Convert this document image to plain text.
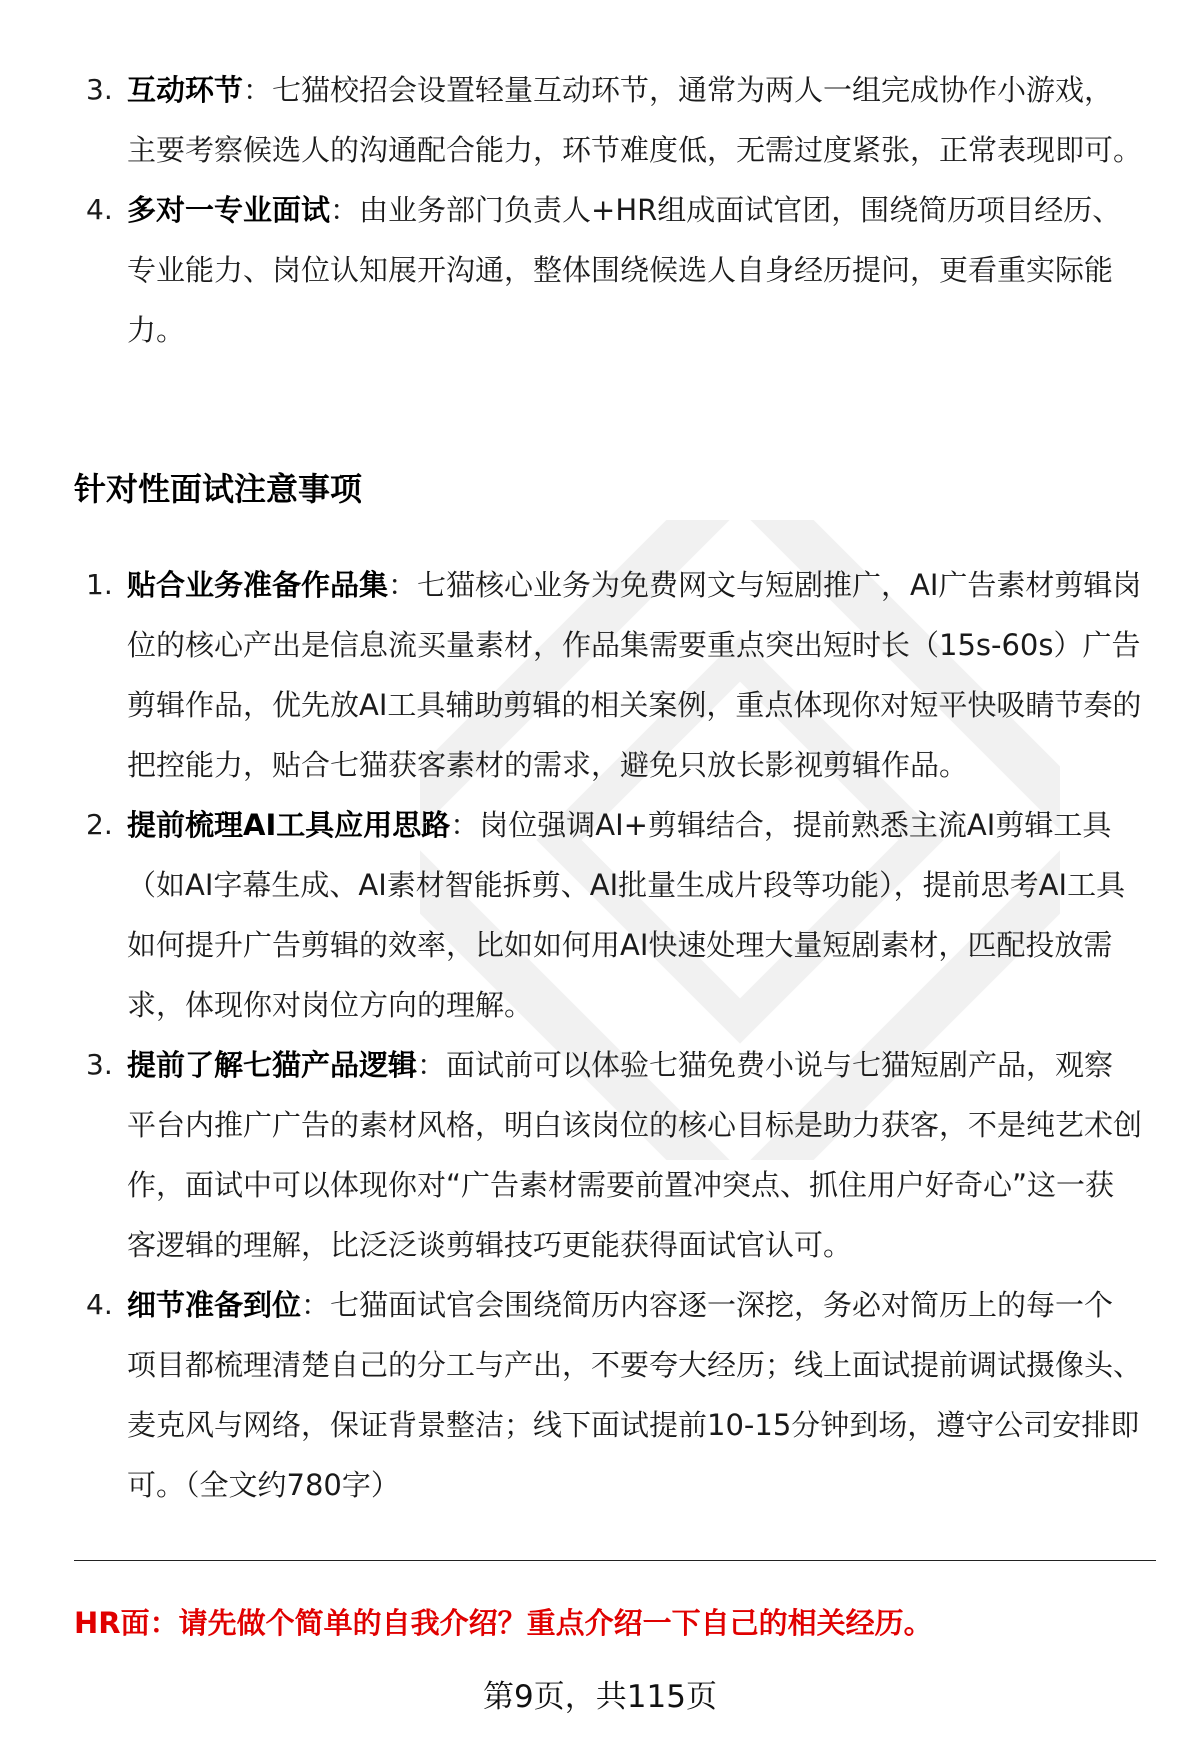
3. 互动环节：七猫校招会设置轻量互动环节，通常为两人一组完成协作小游戏，主要考察候选人的沟通配合能力，环节难度低，无需过度紧张，正常表现即可。
4. 多对一专业面试：由业务部门负责人+HR组成面试官团，围绕简历项目经历、专业能力、岗位认知展开沟通，整体围绕候选人自身经历提问，更看重实际能力。
针对性面试注意事项
1. 贴合业务准备作品集：七猫核心业务为免费网文与短剧推广，AI广告素材剪辑岗位的核心产出是信息流买量素材，作品集需要重点突出短时长（15s-60s）广告剪辑作品，优先放AI工具辅助剪辑的相关案例，重点体现你对短平快吸睛节奏的把控能力，贴合七猫获客素材的需求，避免只放长影视剪辑作品。
2. 提前梳理AI工具应用思路：岗位强调AI+剪辑结合，提前熟悉主流AI剪辑工具（如AI字幕生成、AI素材智能拆剪、AI批量生成片段等功能），提前思考AI工具如何提升广告剪辑的效率，比如如何用AI快速处理大量短剧素材，匹配投放需求，体现你对岗位方向的理解。
3. 提前了解七猫产品逻辑：面试前可以体验七猫免费小说与七猫短剧产品，观察平台内推广广告的素材风格，明白该岗位的核心目标是助力获客，不是纯艺术创作，面试中可以体现你对“广告素材需要前置冲突点、抓住用户好奇心”这一获客逻辑的理解，比泛泛谈剪辑技巧更能获得面试官认可。
4. 细节准备到位：七猫面试官会围绕简历内容逐一深挖，务必对简历上的每一个项目都梳理清楚自己的分工与产出，不要夸大经历；线上面试提前调试摄像头、麦克风与网络，保证背景整洁；线下面试提前10-15分钟到场，遵守公司安排即可。（全文约780字）

HR面：请先做个简单的自我介绍？重点介绍一下自己的相关经历。

第9页，共115页
